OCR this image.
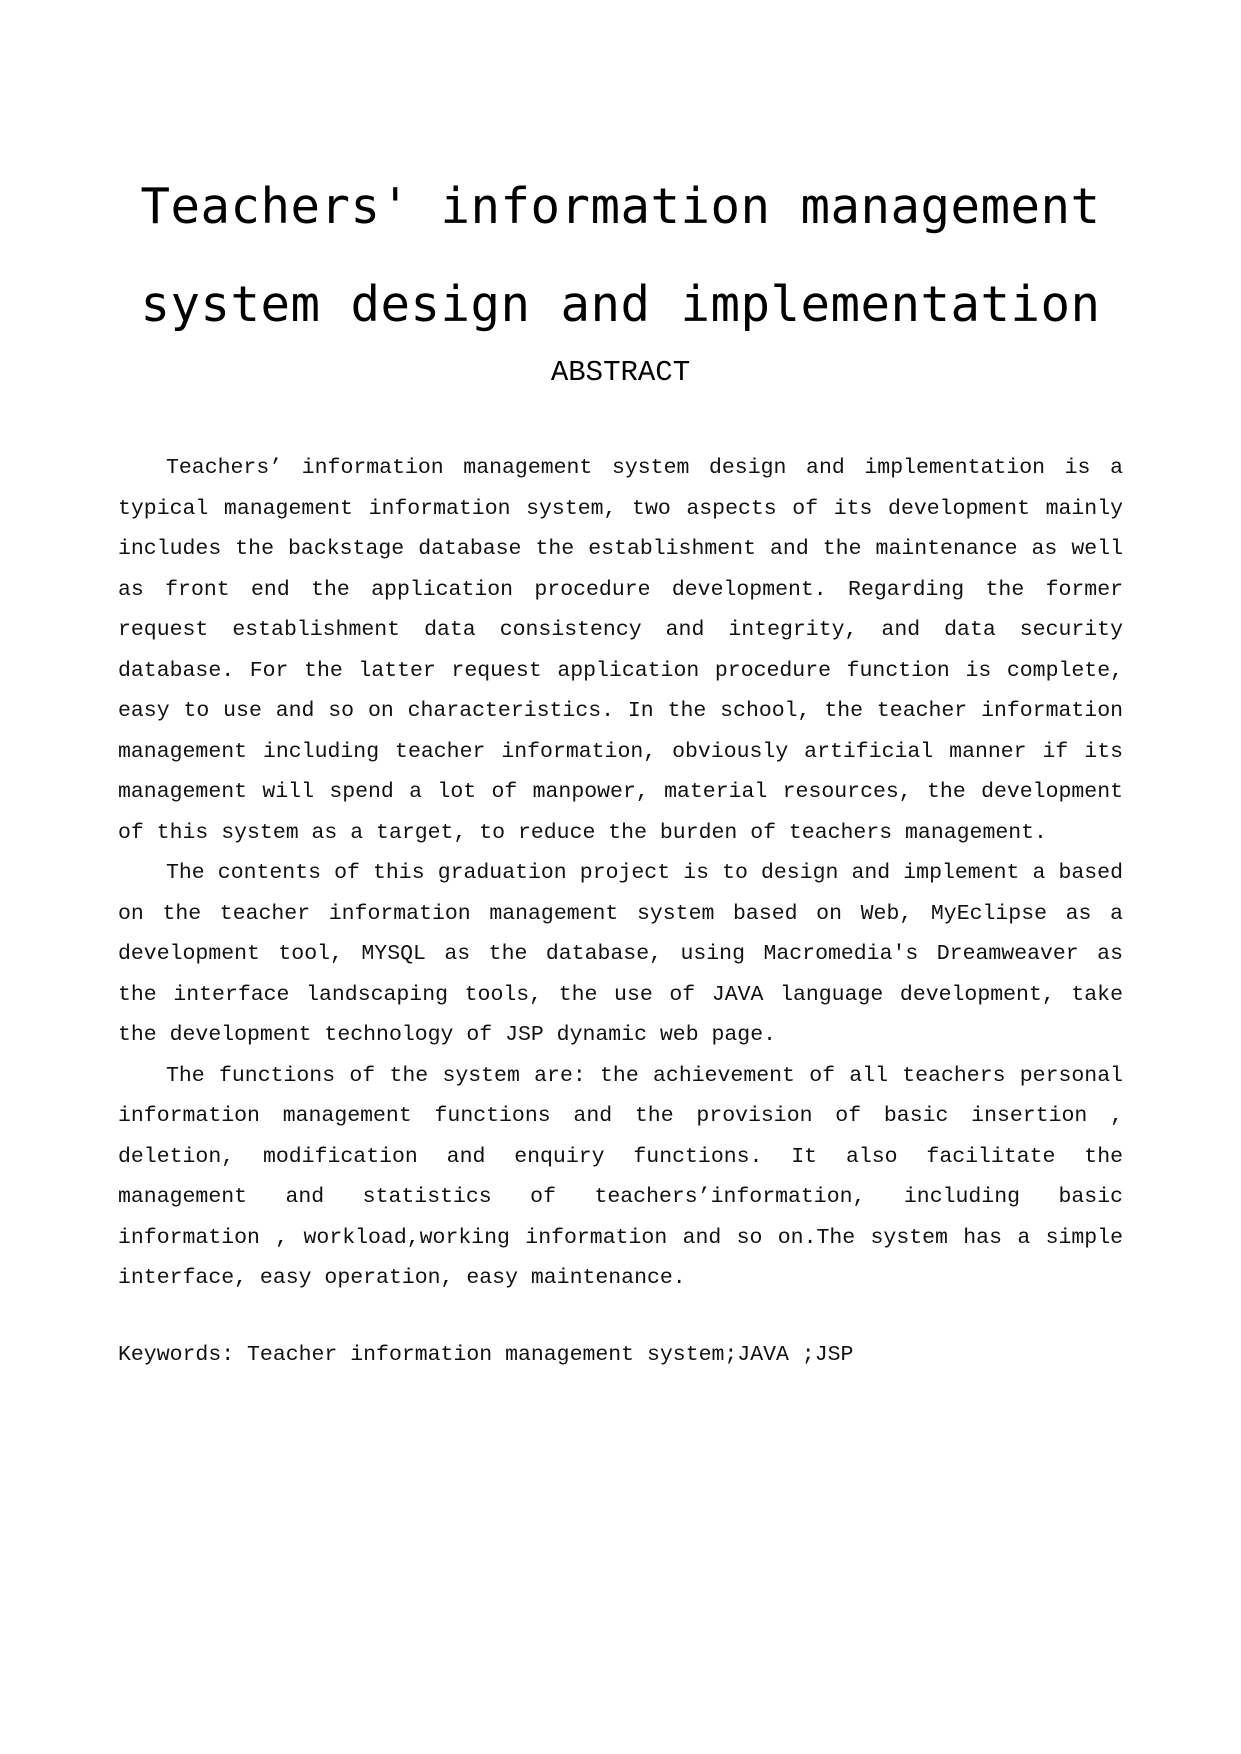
Teachers' information management
system design and implementation
ABSTRACT

Teachers’ information management system design and implementation is a typical management information system, two aspects of its development mainly includes the backstage database the establishment and the maintenance as well as front end the application procedure development. Regarding the former request establishment data consistency and integrity, and data security database. For the latter request application procedure function is complete, easy to use and so on characteristics. In the school, the teacher information management including teacher information, obviously artificial manner if its management will spend a lot of manpower, material resources, the development of this system as a target, to reduce the burden of teachers management.

The contents of this graduation project is to design and implement a based on the teacher information management system based on Web, MyEclipse as a development tool, MYSQL as the database, using Macromedia's Dreamweaver as the interface landscaping tools, the use of JAVA language development, take the development technology of JSP dynamic web page.

The functions of the system are: the achievement of all teachers personal information management functions and the provision of basic insertion , deletion, modification and enquiry functions. It also facilitate the management and statistics of teachers’information, including basic information , workload,working information and so on.The system has a simple interface, easy operation, easy maintenance.

Keywords: Teacher information management system;JAVA ;JSP
